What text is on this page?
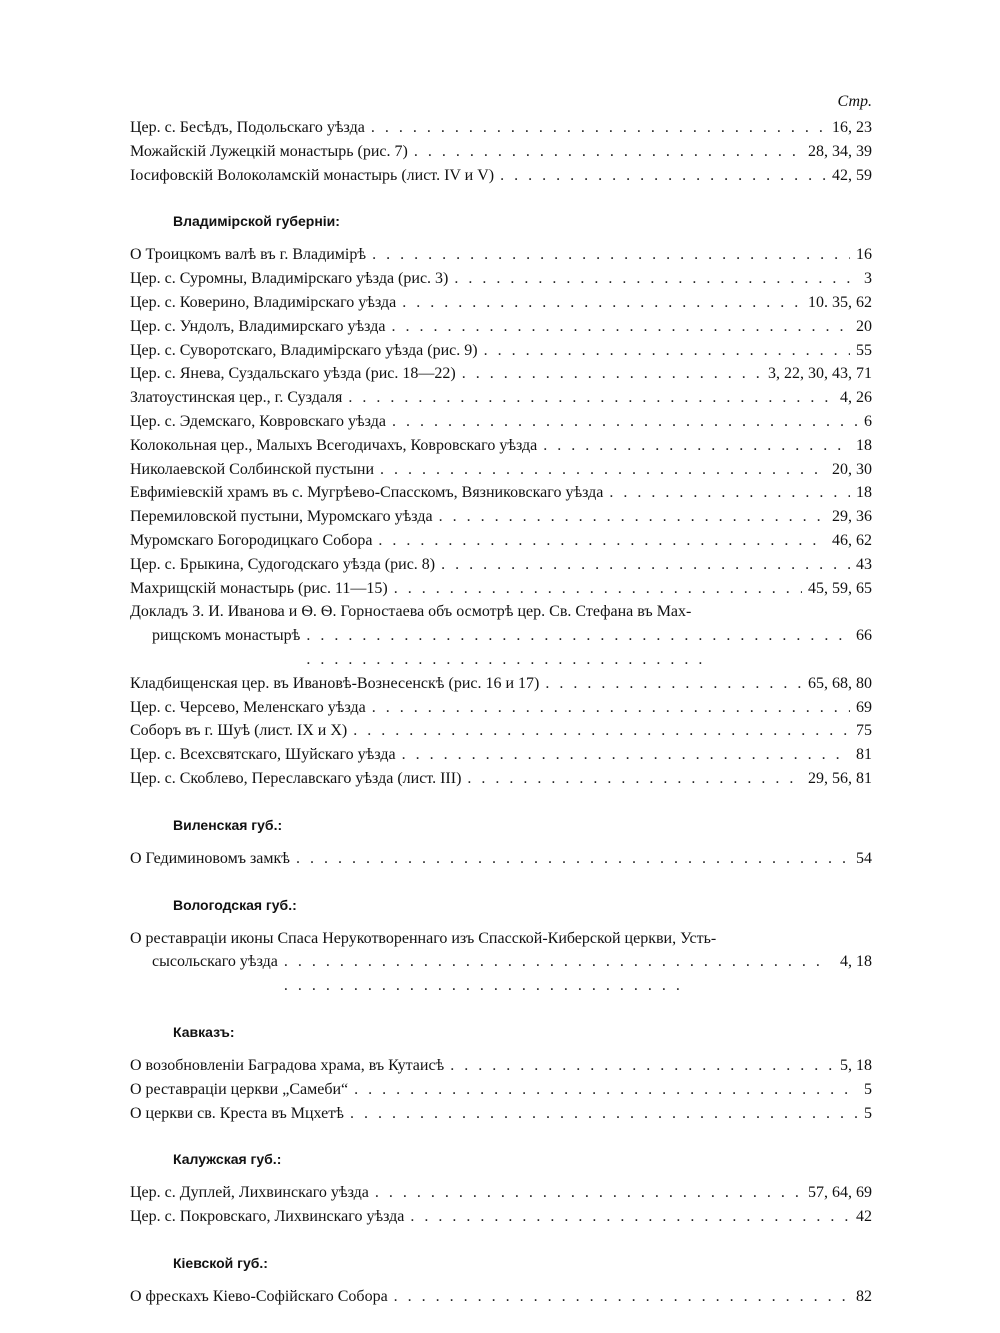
Стр.
Цер. с. Бесѣдъ, Подольскаго уѣзда . . .	16, 23
Можайскій Лужецкій монастырь (рис. 7) . . .	28, 34, 39
Іосифовскій Волоколамскій монастырь (лист. IV и V) . . .	42, 59
Владимірской губерніи:
О Троицкомъ валѣ въ г. Владимірѣ . . .	16
Цер. с. Суромны, Владимірскаго уѣзда (рис. 3) . . .	3
Цер. с. Коверино, Владимірскаго уѣзда . . .	10. 35, 62
Цер. с. Ундолъ, Владимирскаго уѣзда . . .	20
Цер. с. Суворотскаго, Владимірскаго уѣзда (рис. 9) . . .	55
Цер. с. Янева, Суздальскаго уѣзда (рис. 18—22) . . .	3, 22, 30, 43, 71
Златоустинская цер., г. Суздаля . . .	4, 26
Цер. с. Эдемскаго, Ковровскаго уѣзда . . .	6
Колокольная цер., Малыхъ Всегодичахъ, Ковровскаго уѣзда . . .	18
Николаевской Солбинской пустыни . . .	20, 30
Евфиміевскій храмъ въ с. Мугрѣево-Спасскомъ, Вязниковскаго уѣзда . . .	18
Перемиловской пустыни, Муромскаго уѣзда . . .	29, 36
Муромскаго Богородицкаго Собора . . .	46, 62
Цер. с. Брыкина, Судогодскаго уѣзда (рис. 8) . . .	43
Махрищскій монастырь (рис. 11—15) . . .	45, 59, 65
Докладъ З. И. Иванова и Ѳ. Ѳ. Горностаева объ осмотрѣ цер. Св. Стефана въ Мах-
рищскомъ монастырѣ . . .	66
Кладбищенская цер. въ Ивановѣ-Вознесенскѣ (рис. 16 и 17) . . .	65, 68, 80
Цер. с. Черсево, Меленскаго уѣзда . . .	69
Соборъ въ г. Шуѣ (лист. IX и X) . . .	75
Цер. с. Всехсвятскаго, Шуйскаго уѣзда . . .	81
Цер. с. Скоблево, Переславскаго уѣзда (лист. III) . . .	29, 56, 81
Виленская губ.:
О Гедиминовомъ замкѣ . . .	54
Вологодская губ.:
О реставраціи иконы Спаса Нерукотвореннаго изъ Спасской-Киберской церкви, Усть-
сысольскаго уѣзда . . .	4, 18
Кавказъ:
О возобновленіи Баградова храма, въ Кутаисѣ . . .	5, 18
О реставраціи церкви „Самеби“ . . .	5
О церкви св. Креста въ Мцхетѣ . . .	5
Калужская губ.:
Цер. с. Дуплей, Лихвинскаго уѣзда . . .	57, 64, 69
Цер. с. Покровскаго, Лихвинскаго уѣзда . . .	42
Кіевской губ.:
О фрескахъ Кіево-Софійскаго Собора . . .	82
